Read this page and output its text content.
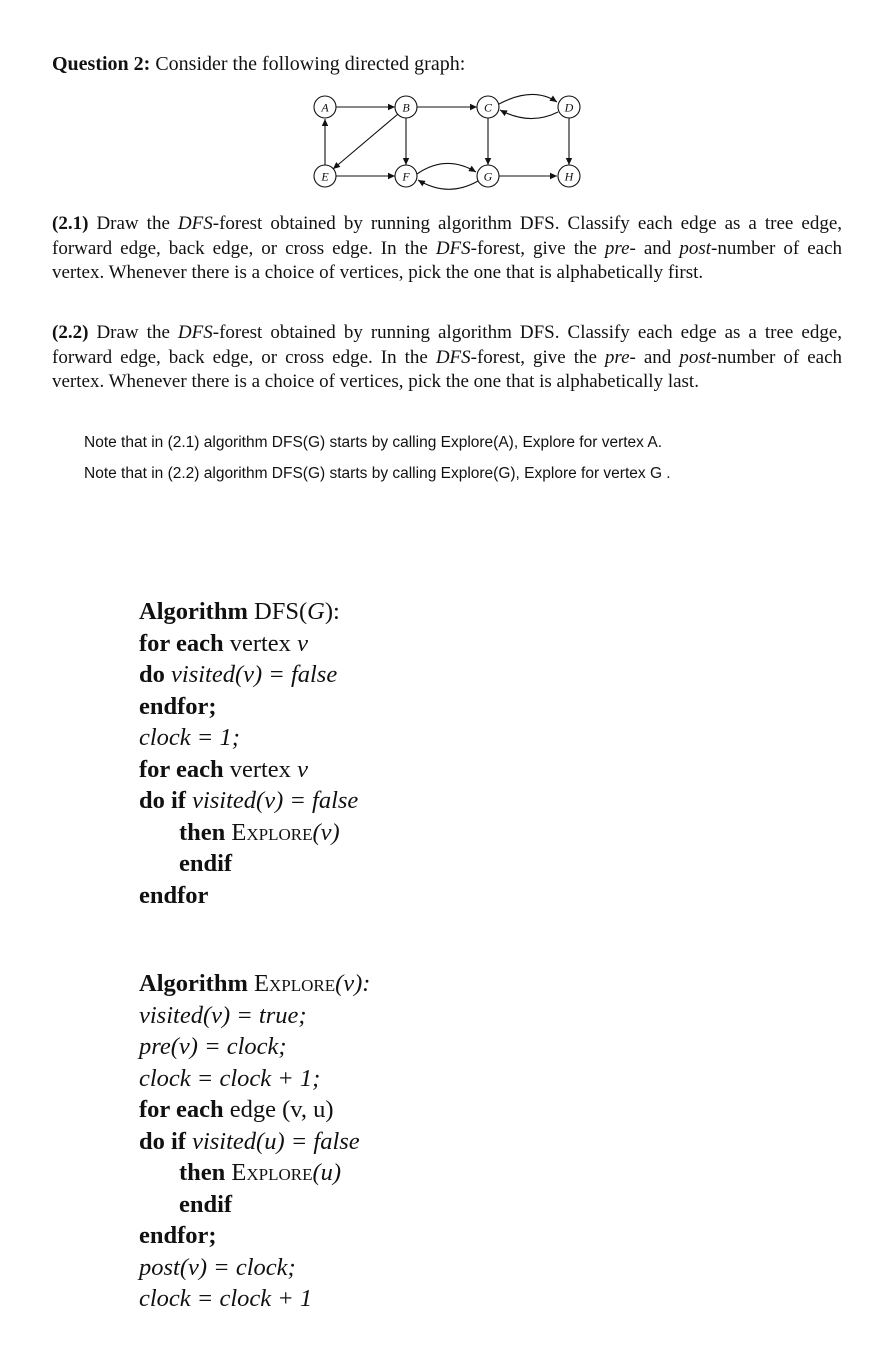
Question 2: Consider the following directed graph:
A	B	C	D
E	F	G	H
(2.1) Draw the DFS-forest obtained by running algorithm DFS. Classify each edge as a tree edge, forward edge, back edge, or cross edge. In the DFS-forest, give the pre- and post-number of each vertex. Whenever there is a choice of vertices, pick the one that is alphabetically first.
(2.2) Draw the DFS-forest obtained by running algorithm DFS. Classify each edge as a tree edge, forward edge, back edge, or cross edge. In the DFS-forest, give the pre- and post-number of each vertex. Whenever there is a choice of vertices, pick the one that is alphabetically last.
Note that in (2.1) algorithm DFS(G) starts by calling Explore(A), Explore for vertex A.
Note that in (2.2) algorithm DFS(G) starts by calling Explore(G), Explore for vertex G .
Algorithm DFS(G):
for each vertex v
do visited(v) = false
endfor;
clock = 1;
for each vertex v
do if visited(v) = false
then Explore(v)
endif
endfor
Algorithm Explore(v):
visited(v) = true;
pre(v) = clock;
clock = clock + 1;
for each edge (v, u)
do if visited(u) = false
then Explore(u)
endif
endfor;
post(v) = clock;
clock = clock + 1
